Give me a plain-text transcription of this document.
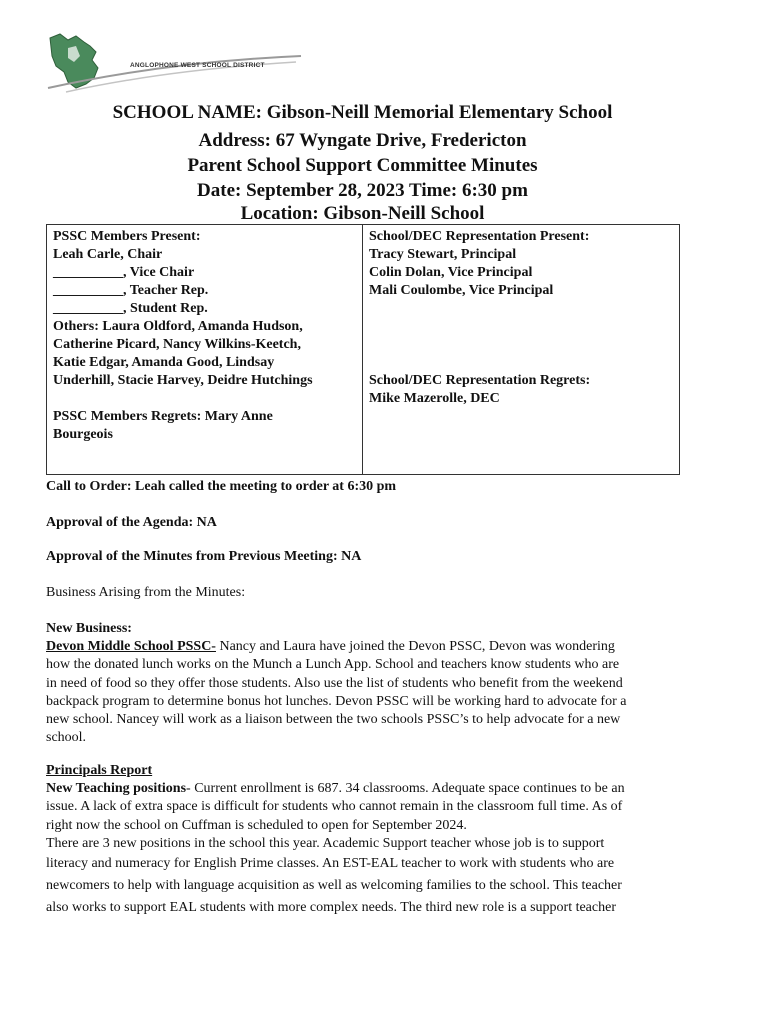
ANGLOPHONE WEST SCHOOL DISTRICT
SCHOOL NAME: Gibson-Neill Memorial Elementary School
Address: 67 Wyngate Drive, Fredericton
Parent School Support Committee Minutes
Date: September 28, 2023 Time: 6:30 pm
Location: Gibson-Neill School
PSSC Members Present:
Leah Carle, Chair
__________, Vice Chair
__________, Teacher Rep.
__________, Student Rep.
Others: Laura Oldford, Amanda Hudson,
Catherine Picard, Nancy Wilkins-Keetch,
Katie Edgar, Amanda Good, Lindsay
Underhill, Stacie Harvey, Deidre Hutchings
PSSC Members Regrets: Mary Anne
Bourgeois

School/DEC Representation Present:
Tracy Stewart, Principal
Colin Dolan, Vice Principal
Mali Coulombe, Vice Principal
School/DEC Representation Regrets:
Mike Mazerolle, DEC
Call to Order: Leah called the meeting to order at 6:30 pm
Approval of the Agenda: NA
Approval of the Minutes from Previous Meeting: NA
Business Arising from the Minutes:
New Business:
Devon Middle School PSSC- Nancy and Laura have joined the Devon PSSC, Devon was wondering
how the donated lunch works on the Munch a Lunch App. School and teachers know students who are
in need of food so they offer those students. Also use the list of students who benefit from the weekend
backpack program to determine bonus hot lunches. Devon PSSC will be working hard to advocate for a
new school. Nancey will work as a liaison between the two schools PSSC’s to help advocate for a new
school.
Principals Report
New Teaching positions- Current enrollment is 687. 34 classrooms. Adequate space continues to be an
issue. A lack of extra space is difficult for students who cannot remain in the classroom full time. As of
right now the school on Cuffman is scheduled to open for September 2024.
There are 3 new positions in the school this year. Academic Support teacher whose job is to support
literacy and numeracy for English Prime classes. An EST-EAL teacher to work with students who are
newcomers to help with language acquisition as well as welcoming families to the school. This teacher
also works to support EAL students with more complex needs. The third new role is a support teacher
